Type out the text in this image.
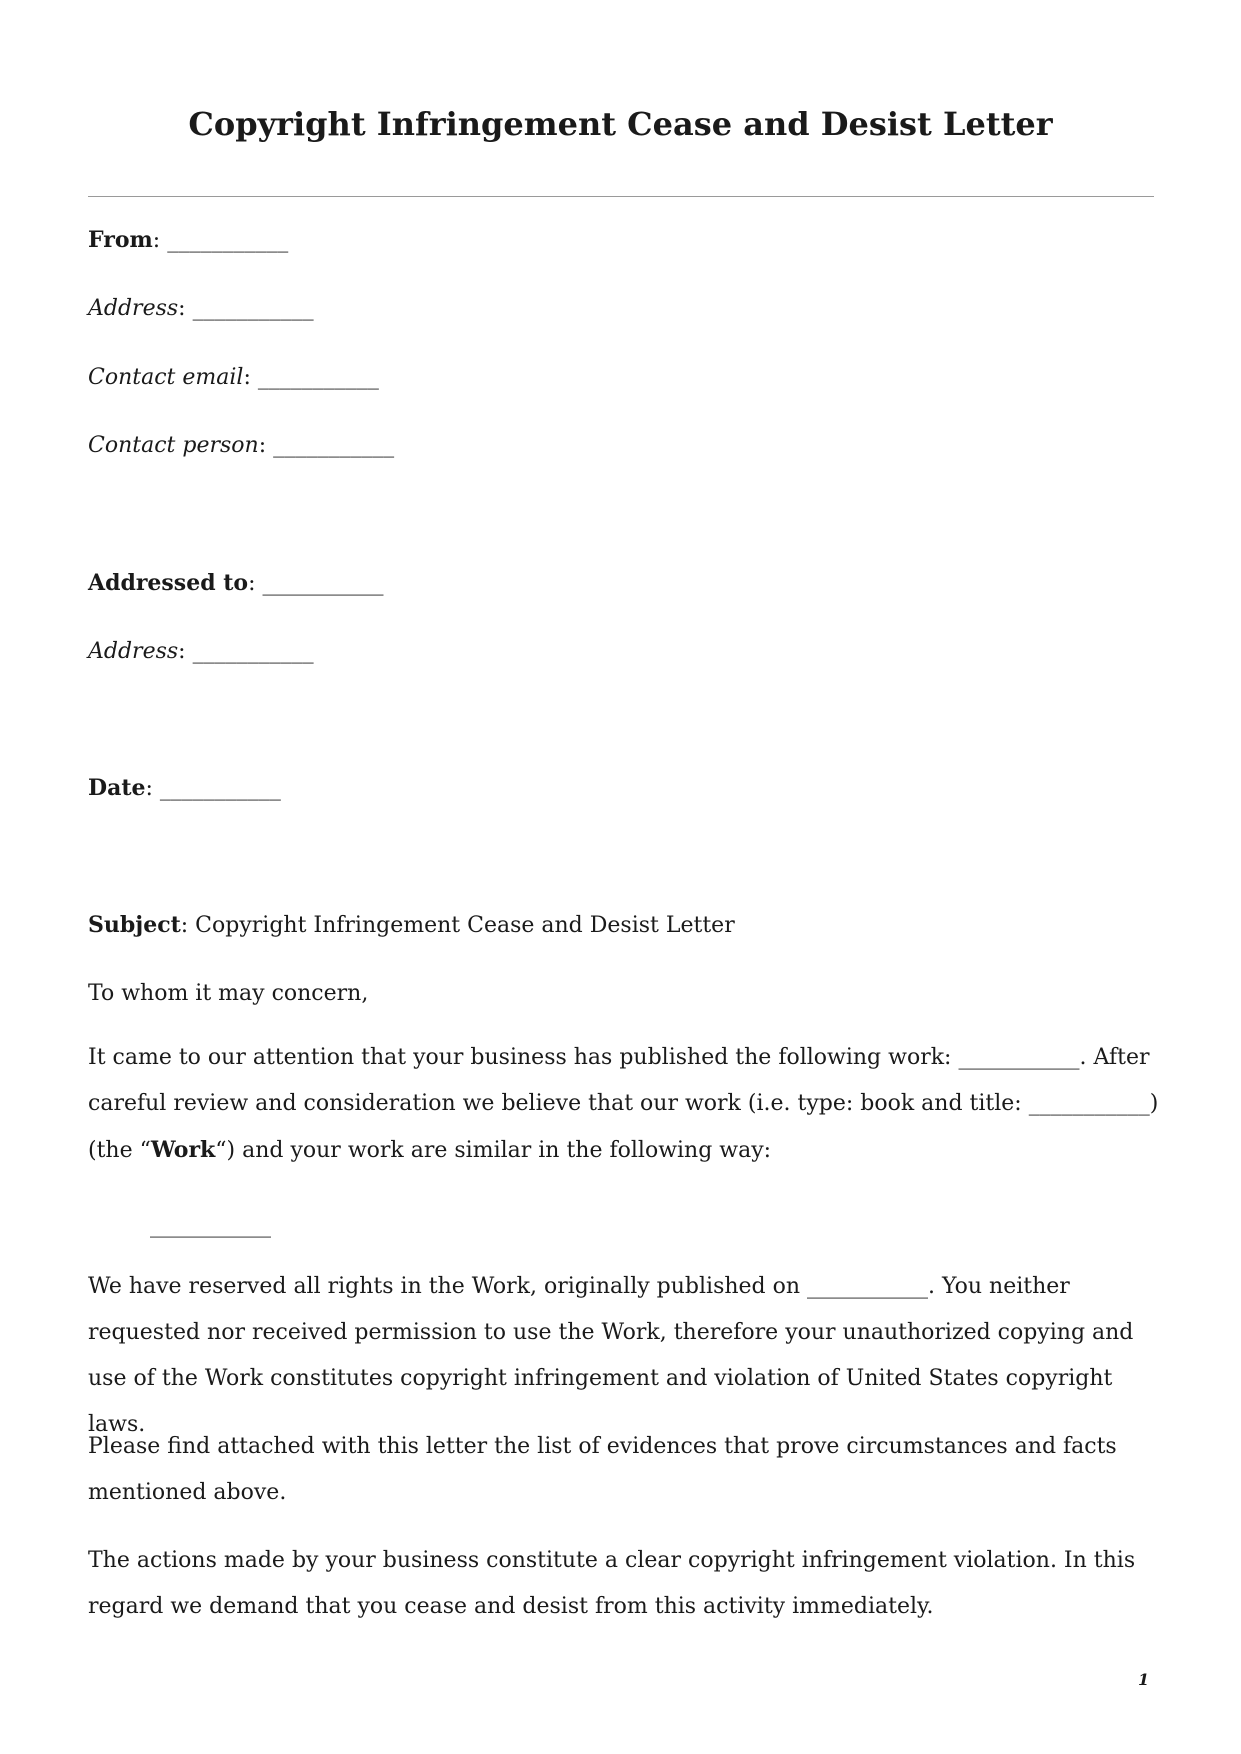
Copyright Infringement Cease and Desist Letter
From: ___________
Address: ___________
Contact email: ___________
Contact person: ___________
Addressed to: ___________
Address: ___________
Date: ___________
Subject: Copyright Infringement Cease and Desist Letter
To whom it may concern,

It came to our attention that your business has published the following work: ___________. After careful review and consideration we believe that our work (i.e. type: book and title: ___________) (the “Work“) and your work are similar in the following way:

___________

We have reserved all rights in the Work, originally published on ___________. You neither requested nor received permission to use the Work, therefore your unauthorized copying and use of the Work constitutes copyright infringement and violation of United States copyright laws.

Please find attached with this letter the list of evidences that prove circumstances and facts mentioned above.

The actions made by your business constitute a clear copyright infringement violation. In this regard we demand that you cease and desist from this activity immediately.

1
